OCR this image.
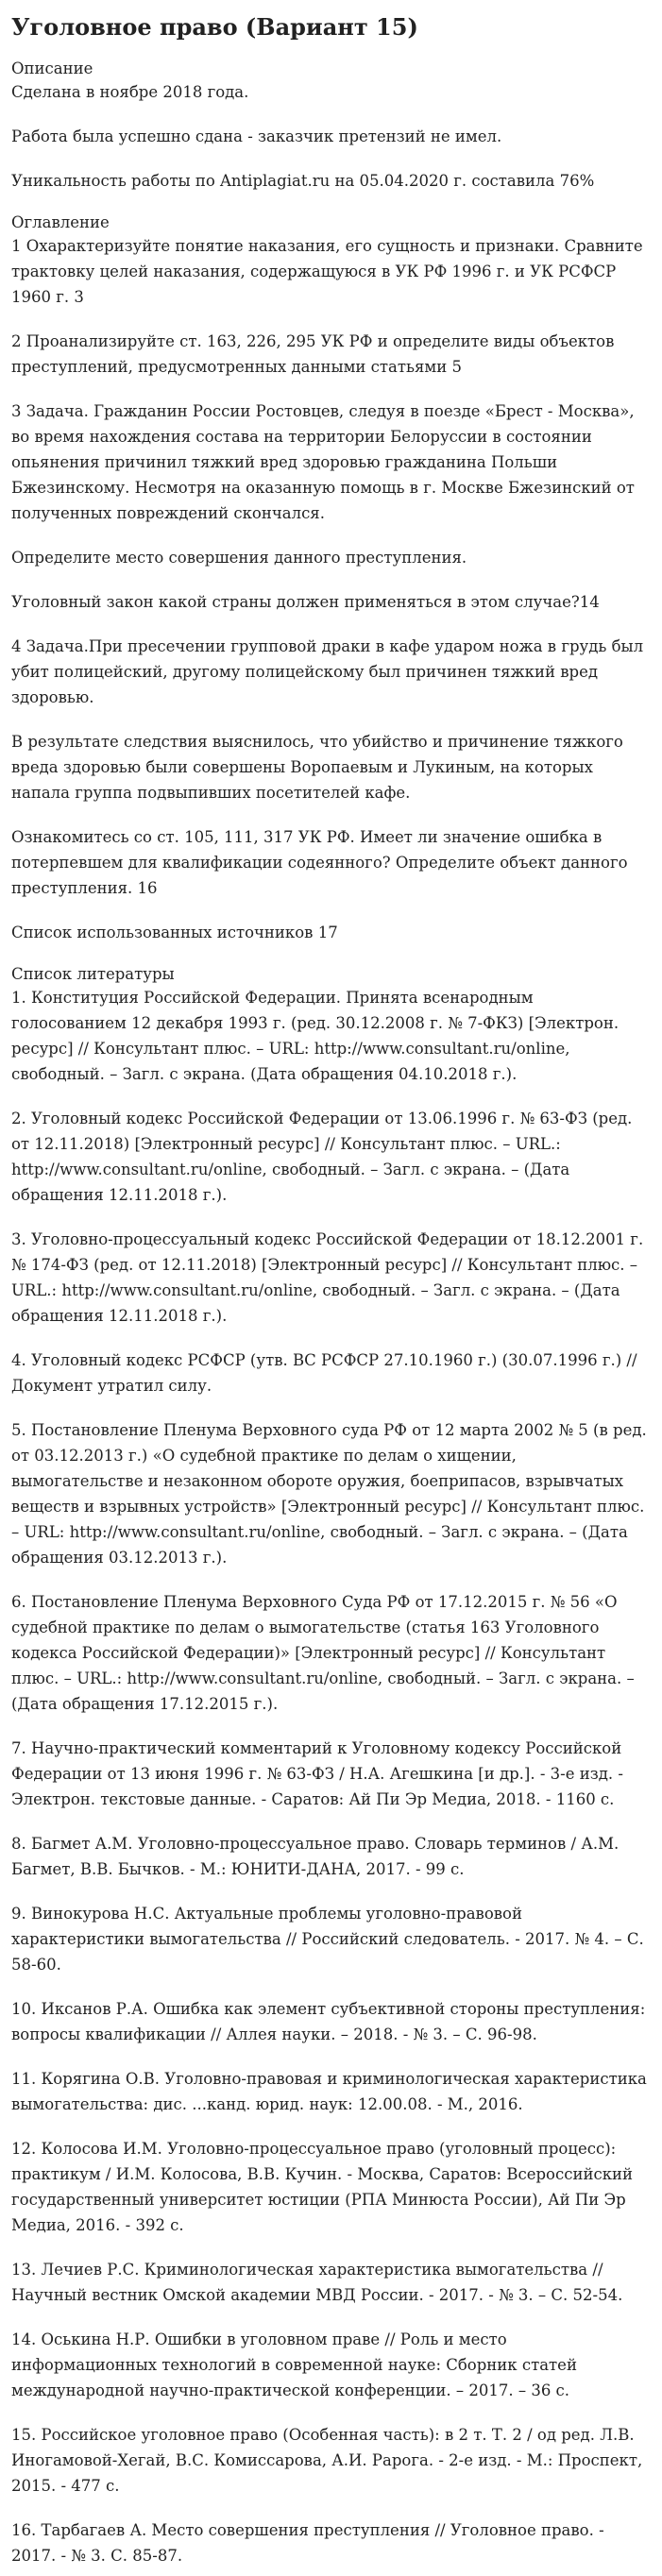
Уголовное право (Вариант 15)
Описание

Сделана в ноябре 2018 года.

Работа была успешно сдана - заказчик претензий не имел.

Уникальность работы по Antiplagiat.ru на 05.04.2020 г. составила 76%

Оглавление

1 Охарактеризуйте понятие наказания, его сущность и признаки. Сравните трактовку целей наказания, содержащуюся в УК РФ 1996 г. и УК РСФСР 1960 г. 3

2 Проанализируйте ст. 163, 226, 295 УК РФ и определите виды объектов преступлений, предусмотренных данными статьями 5

3 Задача. Гражданин России Ростовцев, следуя в поезде «Брест - Москва», во время нахождения состава на территории Белоруссии в состоянии опьянения причинил тяжкий вред здоровью гражданина Польши Бжезинскому. Несмотря на оказанную помощь в г. Москве Бжезинский от полученных повреждений скончался.

Определите место совершения данного преступления.

Уголовный закон какой страны должен применяться в этом случае?14

4 Задача.При пресечении групповой драки в кафе ударом ножа в грудь был убит полицейский, другому полицейскому был причинен тяжкий вред здоровью.

В результате следствия выяснилось, что убийство и причинение тяжкого вреда здоровью были совершены Воропаевым и Лукиным, на которых напала группа подвыпивших посетителей кафе.

Ознакомитесь со ст. 105, 111, 317 УК РФ. Имеет ли значение ошибка в потерпевшем для квалификации содеянного? Определите объект данного преступления. 16

Список использованных источников 17

Список литературы

1. Конституция Российской Федерации. Принята всенародным голосованием 12 декабря 1993 г. (ред. 30.12.2008 г. № 7-ФКЗ) [Электрон. ресурс] // Консультант плюс. – URL: http://www.consultant.ru/online, свободный. – Загл. с экрана. (Дата обращения 04.10.2018 г.).

2. Уголовный кодекс Российской Федерации от 13.06.1996 г. № 63-ФЗ (ред. от 12.11.2018) [Электронный ресурс] // Консультант плюс. – URL.: http://www.consultant.ru/online, свободный. – Загл. с экрана. – (Дата обращения 12.11.2018 г.).

3. Уголовно-процессуальный кодекс Российской Федерации от 18.12.2001 г. № 174-ФЗ (ред. от 12.11.2018) [Электронный ресурс] // Консультант плюс. – URL.: http://www.consultant.ru/online, свободный. – Загл. с экрана. – (Дата обращения 12.11.2018 г.).

4. Уголовный кодекс РСФСР (утв. ВС РСФСР 27.10.1960 г.) (30.07.1996 г.) // Документ утратил силу.

5. Постановление Пленума Верховного суда РФ от 12 марта 2002 № 5 (в ред. от 03.12.2013 г.) «О судебной практике по делам о хищении, вымогательстве и незаконном обороте оружия, боеприпасов, взрывчатых веществ и взрывных устройств» [Электронный ресурс] // Консультант плюс. – URL: http://www.consultant.ru/online, свободный. – Загл. с экрана. – (Дата обращения 03.12.2013 г.).

6. Постановление Пленума Верховного Суда РФ от 17.12.2015 г. № 56 «О судебной практике по делам о вымогательстве (статья 163 Уголовного кодекса Российской Федерации)» [Электронный ресурс] // Консультант плюс. – URL.: http://www.consultant.ru/online, свободный. – Загл. с экрана. – (Дата обращения 17.12.2015 г.).

7. Научно-практический комментарий к Уголовному кодексу Российской Федерации от 13 июня 1996 г. № 63-ФЗ / Н.А. Агешкина [и др.]. - 3-е изд. - Электрон. текстовые данные. - Саратов: Ай Пи Эр Медиа, 2018. - 1160 c.

8. Багмет А.М. Уголовно-процессуальное право. Словарь терминов / А.М. Багмет, В.В. Бычков. - М.: ЮНИТИ-ДАНА, 2017. - 99 c.

9. Винокурова Н.С. Актуальные проблемы уголовно-правовой характеристики вымогательства // Российский следователь. - 2017. № 4. – С. 58-60.

10. Иксанов Р.А. Ошибка как элемент субъективной стороны преступления: вопросы квалификации // Аллея науки. – 2018. - № 3. – С. 96-98.

11. Корягина О.В. Уголовно-правовая и криминологическая характеристика вымогательства: дис. ...канд. юрид. наук: 12.00.08. - М., 2016.

12. Колосова И.М. Уголовно-процессуальное право (уголовный процесс): практикум / И.М. Колосова, В.В. Кучин. - Москва, Саратов: Всероссийский государственный университет юстиции (РПА Минюста России), Ай Пи Эр Медиа, 2016. - 392 c.

13. Лечиев Р.С. Криминологическая характеристика вымогательства // Научный вестник Омской академии МВД России. - 2017. - № 3. – С. 52-54.

14. Оськина Н.Р. Ошибки в уголовном праве // Роль и место информационных технологий в современной науке: Сборник статей международной научно-практической конференции. – 2017. – 36 с.

15. Российское уголовное право (Особенная часть): в 2 т. Т. 2 / од ред. Л.В. Иногамовой-Хегай, В.С. Комиссарова, А.И. Рарога. - 2-е изд. - М.: Проспект, 2015. - 477 с.

16. Тарбагаев А. Место совершения преступления // Уголовное право. - 2017. - № 3. С. 85-87.
